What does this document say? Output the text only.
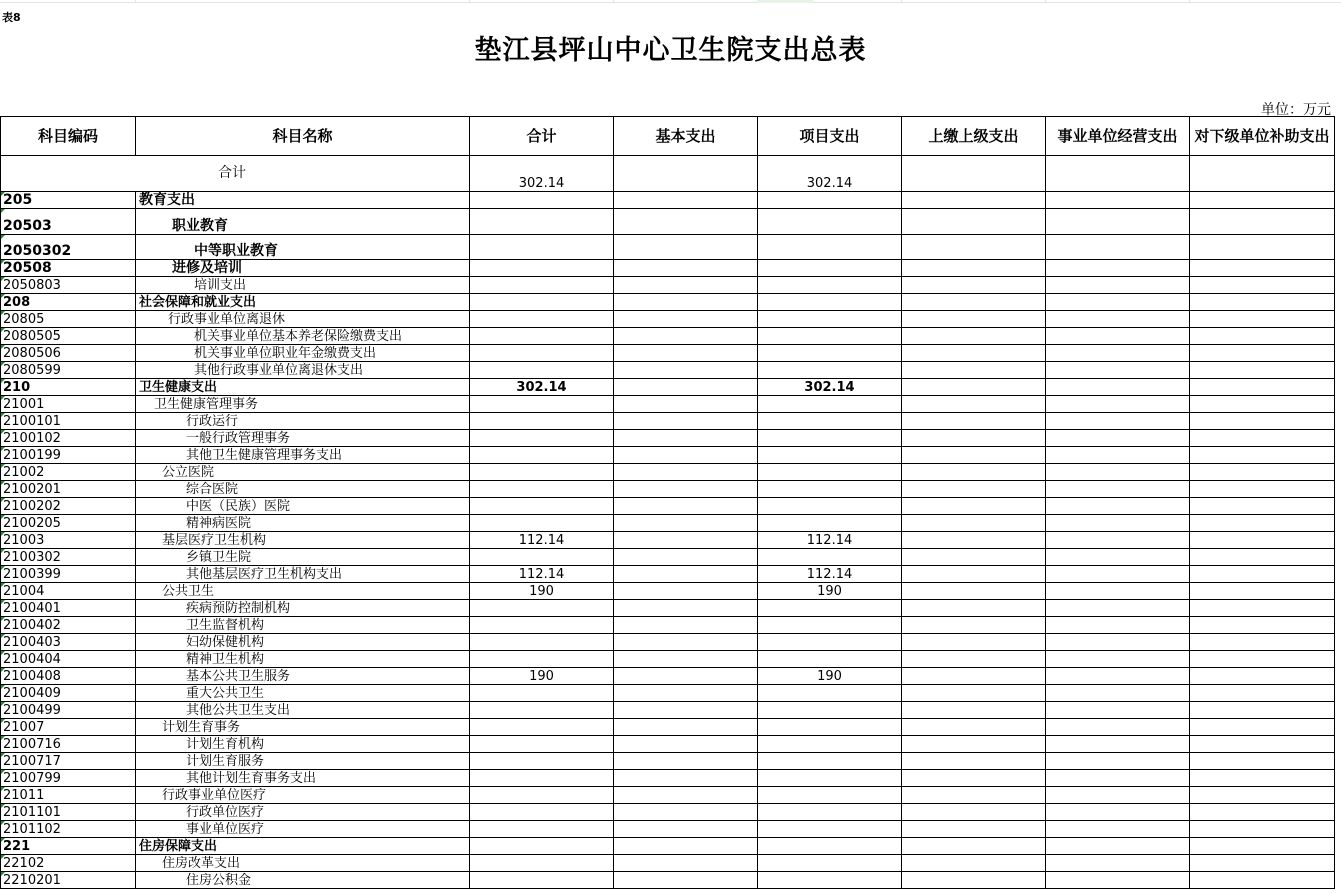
表8
垫江县坪山中心卫生院支出总表
单位：万元
科目编码	科目名称	合计	基本支出	项目支出	上缴上级支出	事业单位经营支出	对下级单位补助支出
合计		302.14		302.14			
205	教育支出						
20503	职业教育						
2050302	中等职业教育						
20508	进修及培训						
2050803	培训支出						
208	社会保障和就业支出						
20805	行政事业单位离退休						
2080505	机关事业单位基本养老保险缴费支出						
2080506	机关事业单位职业年金缴费支出						
2080599	其他行政事业单位离退休支出						
210	卫生健康支出	302.14		302.14			
21001	卫生健康管理事务						
2100101	行政运行						
2100102	一般行政管理事务						
2100199	其他卫生健康管理事务支出						
21002	公立医院						
2100201	综合医院						
2100202	中医（民族）医院						
2100205	精神病医院						
21003	基层医疗卫生机构	112.14		112.14			
2100302	乡镇卫生院						
2100399	其他基层医疗卫生机构支出	112.14		112.14			
21004	公共卫生	190		190			
2100401	疾病预防控制机构						
2100402	卫生监督机构						
2100403	妇幼保健机构						
2100404	精神卫生机构						
2100408	基本公共卫生服务	190		190			
2100409	重大公共卫生						
2100499	其他公共卫生支出						
21007	计划生育事务						
2100716	计划生育机构						
2100717	计划生育服务						
2100799	其他计划生育事务支出						
21011	行政事业单位医疗						
2101101	行政单位医疗						
2101102	事业单位医疗						
221	住房保障支出						
22102	住房改革支出						
2210201	住房公积金						
